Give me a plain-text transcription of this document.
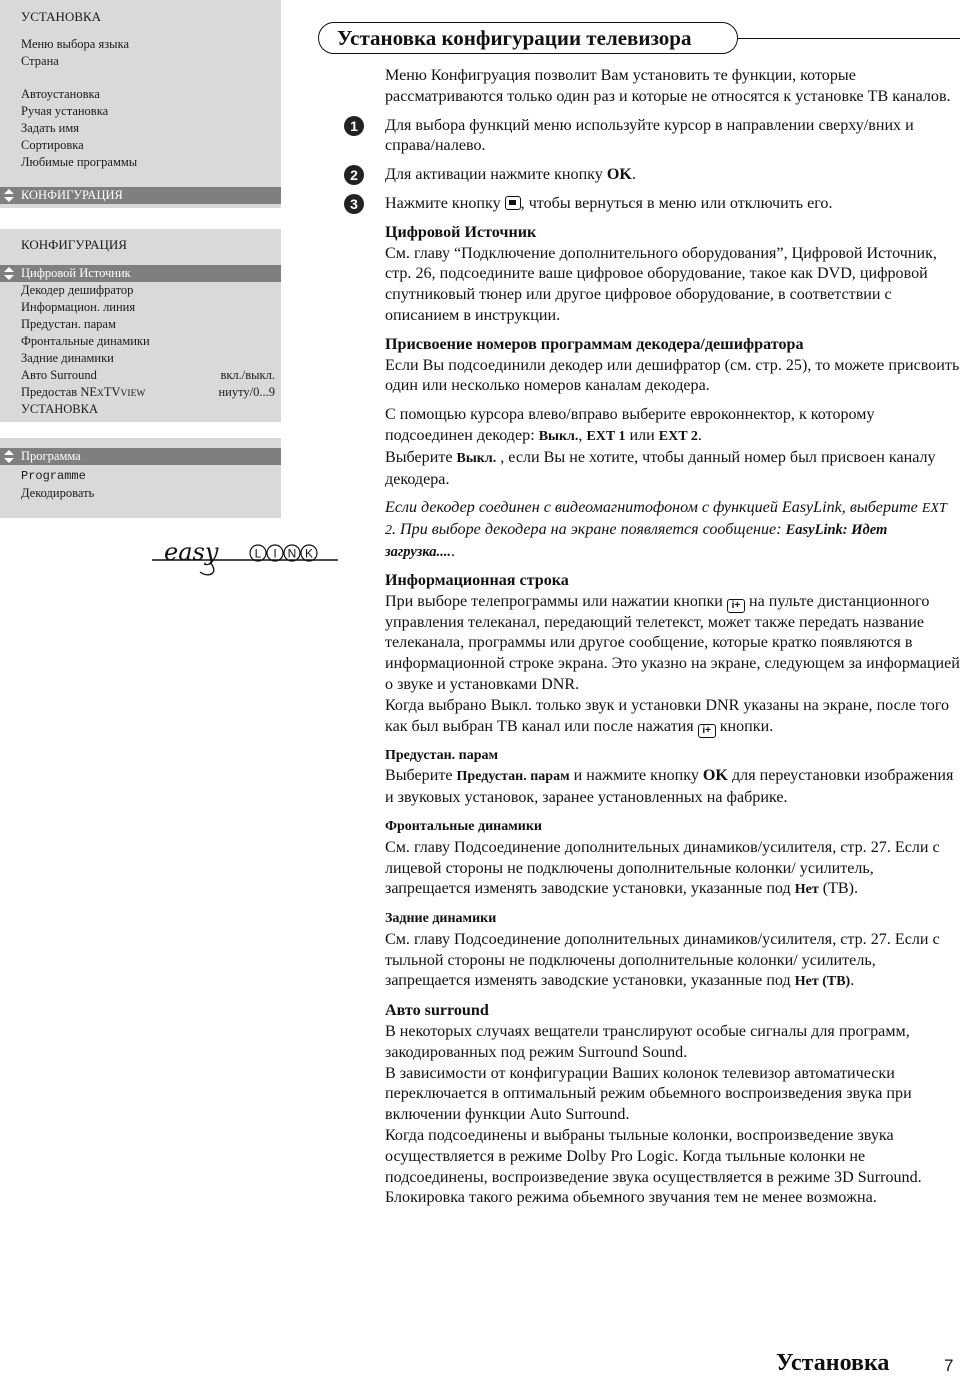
УСТАНОВКА
Меню выбора языка
Страна
Автоустановка
Ручая установка
Задать имя
Сортировка
Любимые программы
КОНФИГУРАЦИЯ
КОНФИГУРАЦИЯ
Цифровой Источник
Декодер дешифратор
Информацион. линия
Предустан. парам
Фронтальные динамики
Задние динамики
Авто Surround	вкл./выкл.
Предостав NEXTVVIEW	ниуту/0...9
УСТАНОВКА
Программа
Programme
Декодировать
easy	L I N K
Установка конфигурации телевизора

Меню Конфигруация позволит Вам установить те функции, которые рассматриваются только один раз и которые не относятся к установке ТВ каналов.

1	Для выбора функций меню используйте курсор в направлении сверху/вних и справа/налево.

2	Для активации нажмите кнопку OK.

3	Нажмите кнопку , чтобы вернуться в меню или отключить его.

Цифровой Источник
См. главу “Подключение дополнительного оборудования”, Цифровой Источник, стр. 26, подсоедините ваше цифровое оборудование, такое как DVD, цифровой спутниковый тюнер или другое цифровое оборудование, в соответствии с описанием в инструкции.

Присвоение номеров программам декодера/дешифратора
Если Вы подсоединили декодер или дешифратор (см. стр. 25), то можете присвоить один или несколько номеров каналам декодера.

С помощью курсора влево/вправо выберите евроконнектор, к которому подсоединен декодер: Выкл., EXT 1 или EXT 2.

Выберите Выкл. , если Вы не хотите, чтобы данный номер был присвоен каналу декодера.

Если декодер соединен с видеомагнитофоном с функцией EasyLink, выберите EXT 2. При выборе декодера на экране появляется сообщение: EasyLink: Идет загрузка.....

Информационная строка
При выборе телепрограммы или нажатии кнопки i+ на пульте дистанционного управления телеканал, передающий телетекст, может также передать название телеканала, программы или другое сообщение, которые кратко появляются в информационной строке экрана. Это указно на экране, следующем за информацией о звуке и установками DNR.

Когда выбрано Выкл. только звук и установки DNR указаны на экране, после того как был выбран ТВ канал или после нажатия i+ кнопки.

Предустан. парам
Выберите Предустан. парам и нажмите кнопку OK для переустановки изображения и звуковых установок, заранее установленных на фабрике.

Фронтальные динамики
См. главу Подсоединение дополнительных динамиков/усилителя, стр. 27. Если с лицевой стороны не подключены дополнительные колонки/ усилитель, запрещается изменять заводские установки, указанные под Нет (ТВ).

Задние динамики
См. главу Подсоединение дополнительных динамиков/усилителя, стр. 27. Если с тыльной стороны не подключены дополнительные колонки/ усилитель, запрещается изменять заводские установки, указанные под Нет (ТВ).

Авто surround
В некоторых случаях вещатели транслируют особые сигналы для программ, закодированных под режим Surround Sound.

В зависимости от конфигурации Ваших колонок телевизор автоматически переключается в оптимальный режим обьемного воспроизведения звука при включении функции Auto Surround.

Когда подсоединены и выбраны тыльные колонки, воспроизведение звука осуществляется в режиме Dolby Pro Logic. Когда тыльные колонки не подсоединены, воспроизведение звука осуществляется в режиме 3D Surround. Блокировка такого режима обьемного звучания тем не менее возможна.

Установка	7
